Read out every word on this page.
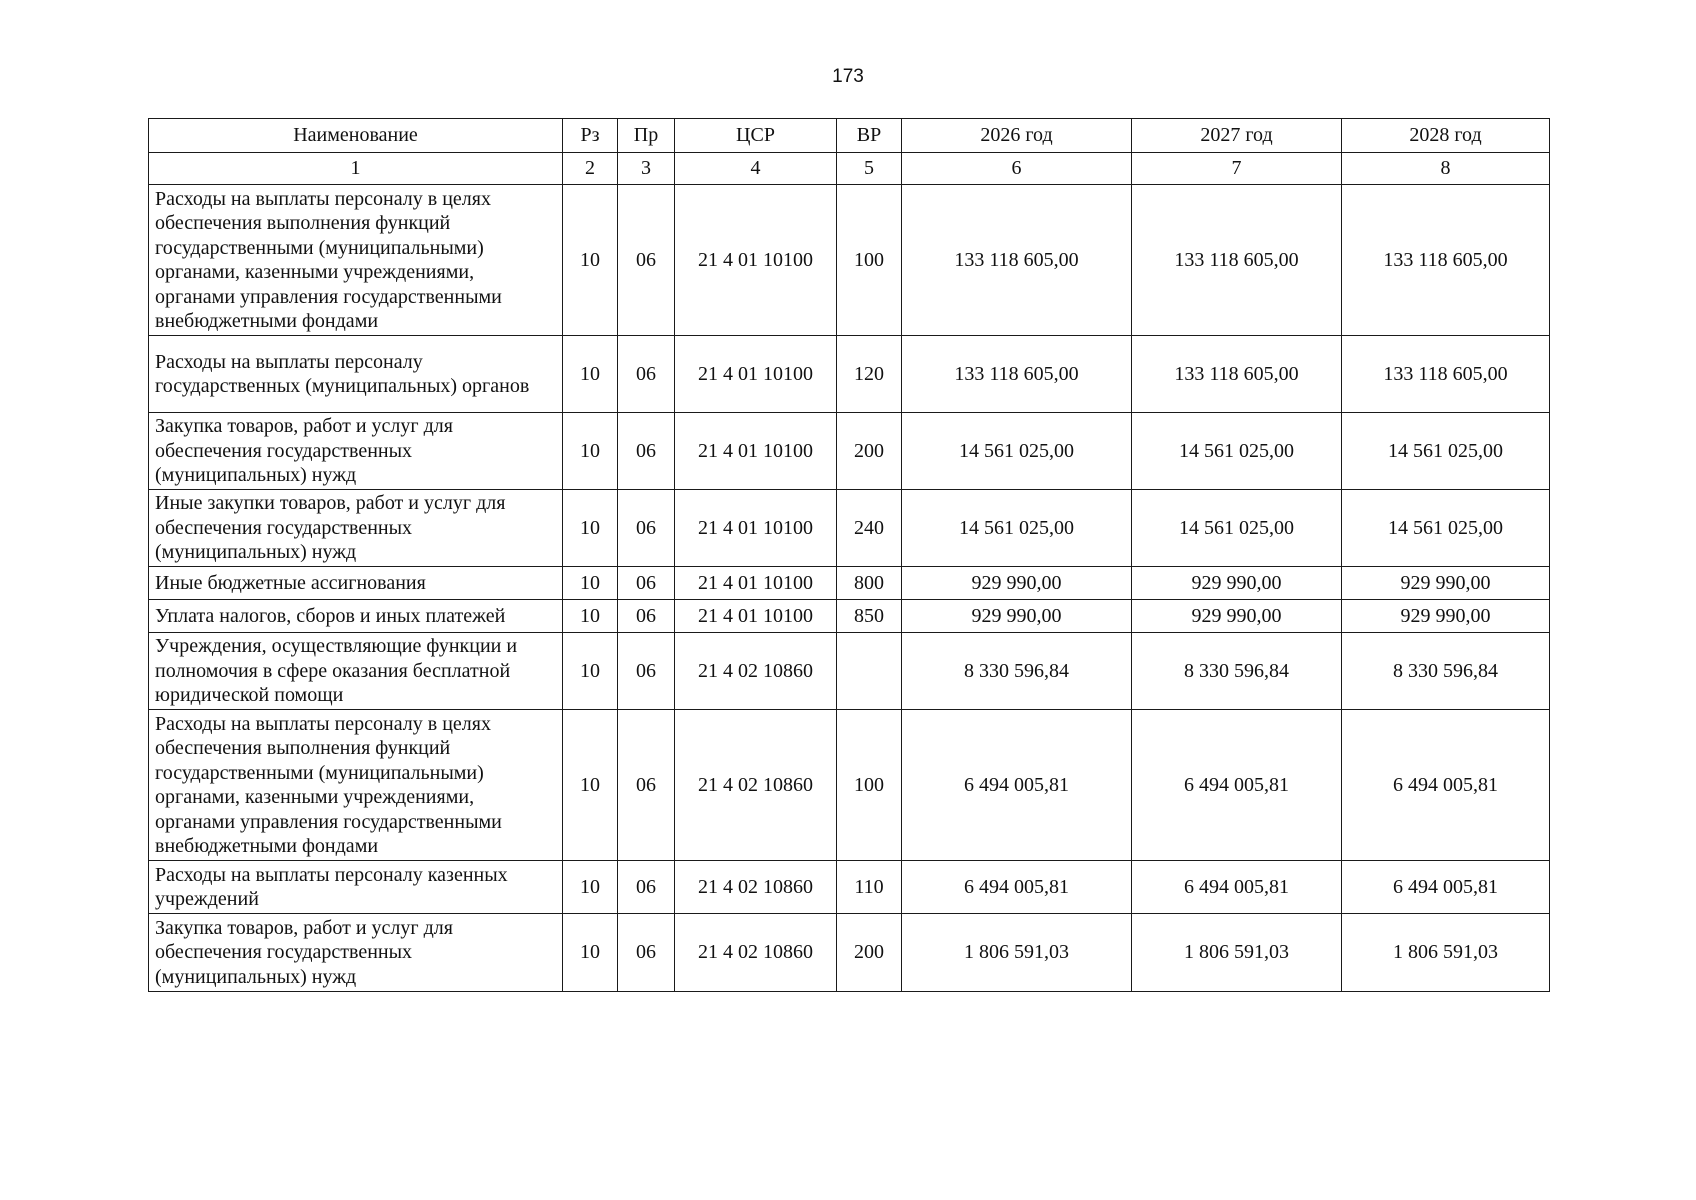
173
Наименование	Рз	Пр	ЦСР	ВР	2026 год	2027 год	2028 год
1	2	3	4	5	6	7	8
Расходы на выплаты персоналу в целях обеспечения выполнения функций государственными (муниципальными) органами, казенными учреждениями, органами управления государственными внебюджетными фондами	10	06	21 4 01 10100	100	133 118 605,00	133 118 605,00	133 118 605,00
Расходы на выплаты персоналу государственных (муниципальных) органов	10	06	21 4 01 10100	120	133 118 605,00	133 118 605,00	133 118 605,00
Закупка товаров, работ и услуг для обеспечения государственных (муниципальных) нужд	10	06	21 4 01 10100	200	14 561 025,00	14 561 025,00	14 561 025,00
Иные закупки товаров, работ и услуг для обеспечения государственных (муниципальных) нужд	10	06	21 4 01 10100	240	14 561 025,00	14 561 025,00	14 561 025,00
Иные бюджетные ассигнования	10	06	21 4 01 10100	800	929 990,00	929 990,00	929 990,00
Уплата налогов, сборов и иных платежей	10	06	21 4 01 10100	850	929 990,00	929 990,00	929 990,00
Учреждения, осуществляющие функции и полномочия в сфере оказания бесплатной юридической помощи	10	06	21 4 02 10860		8 330 596,84	8 330 596,84	8 330 596,84
Расходы на выплаты персоналу в целях обеспечения выполнения функций государственными (муниципальными) органами, казенными учреждениями, органами управления государственными внебюджетными фондами	10	06	21 4 02 10860	100	6 494 005,81	6 494 005,81	6 494 005,81
Расходы на выплаты персоналу казенных учреждений	10	06	21 4 02 10860	110	6 494 005,81	6 494 005,81	6 494 005,81
Закупка товаров, работ и услуг для обеспечения государственных (муниципальных) нужд	10	06	21 4 02 10860	200	1 806 591,03	1 806 591,03	1 806 591,03
